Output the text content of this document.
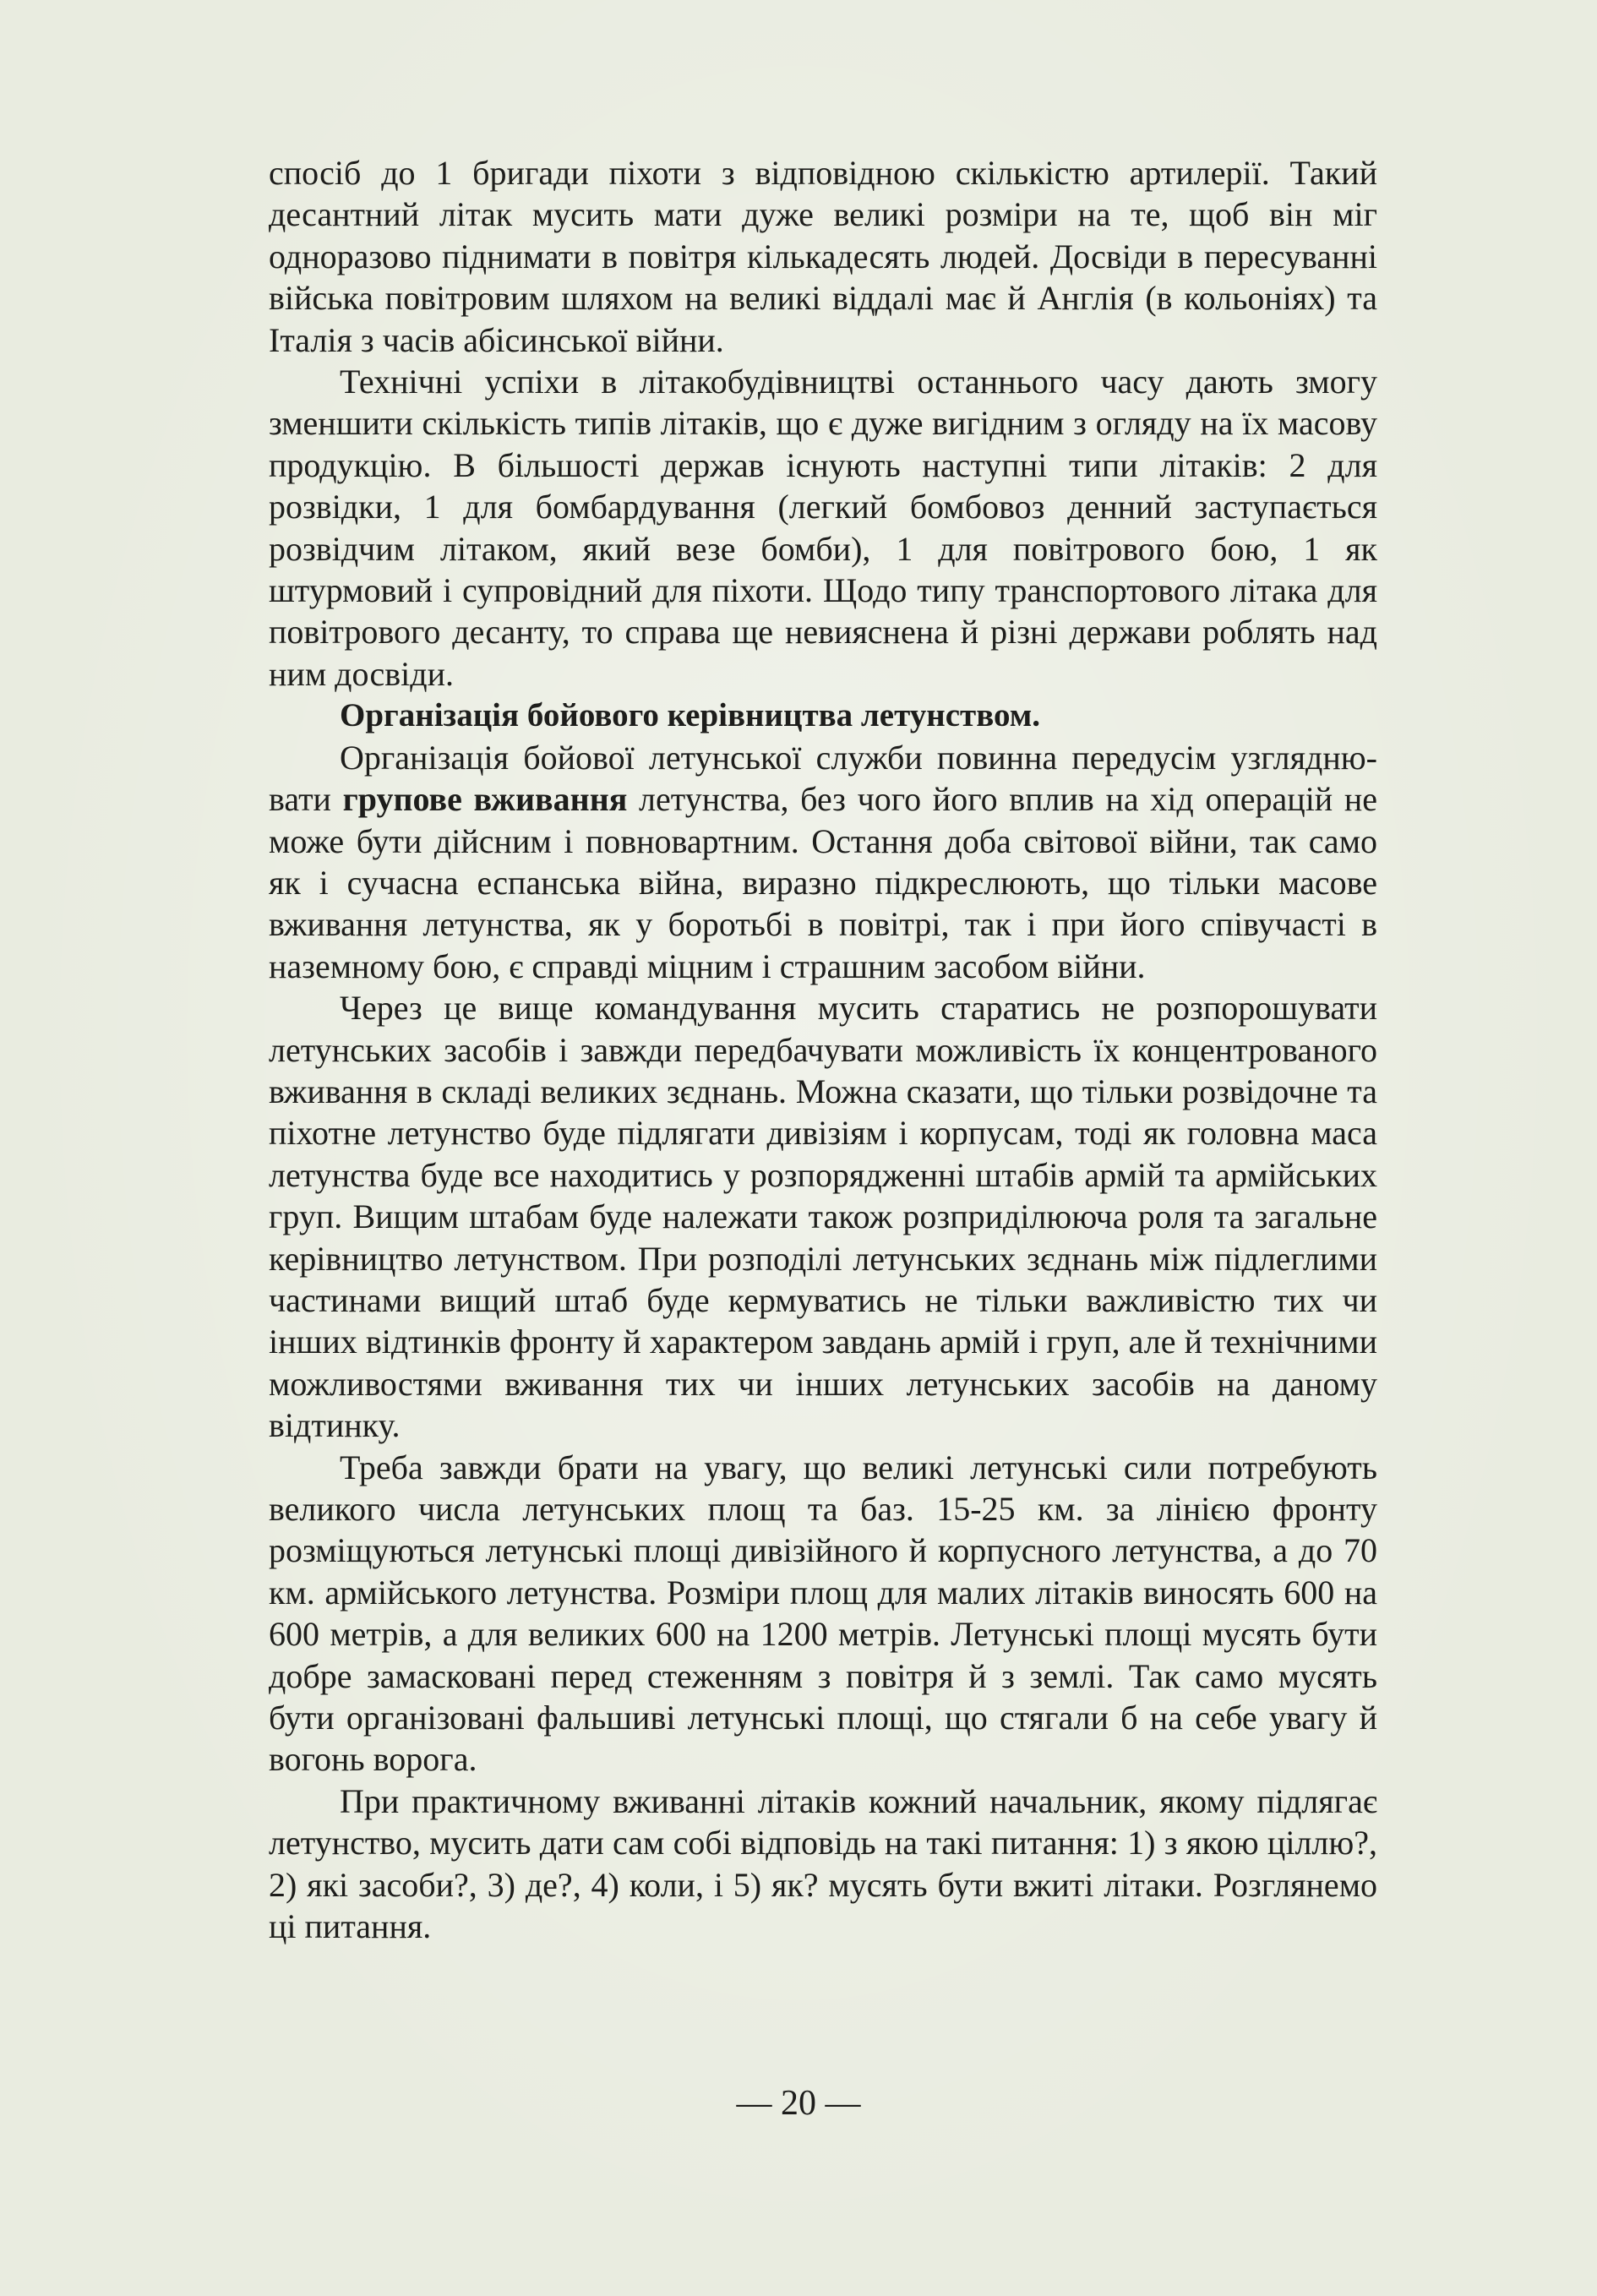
спосіб до 1 бригади піхоти з відповідною скількістю артилерії. Такий десантний літак мусить мати дуже великі розміри на те, щоб він міг одноразово піднимати в повітря кількадесять людей. Досвіди в пересуванні війська повітровим шляхом на великі віддалі має й Англія (в кольоніях) та Італія з часів абісинської війни.

Технічні успіхи в літакобудівництві останнього часу дають змогу зменшити скількість типів літаків, що є дуже вигідним з огляду на їх масову продукцію. В більшості держав існують наступні типи літаків: 2 для розвідки, 1 для бомбардування (легкий бомбовоз денний заступається розвідчим літаком, який везе бомби), 1 для повітрового бою, 1 як штурмовий і супровідний для піхоти. Щодо типу транспортового літака для повітрового десанту, то справа ще невияснена й різні держави роблять над ним досвіди.

Організація бойового керівництва летунством.

Організація бойової летунської служби повинна передусім узгляднювати групове вживання летунства, без чого його вплив на хід операцій не може бути дійсним і повновартним. Остання доба світової війни, так само як і сучасна еспанська війна, виразно підкреслюють, що тільки масове вживання летунства, як у боротьбі в повітрі, так і при його співучасті в наземному бою, є справді міцним і страшним засобом війни.

Через це вище командування мусить старатись не розпорошувати летунських засобів і завжди передбачувати можливість їх концентрованого вживання в складі великих зєднань. Можна сказати, що тільки розвідочне та піхотне летунство буде підлягати дивізіям і корпусам, тоді як головна маса летунства буде все находитись у розпорядженні штабів армій та армійських груп. Вищим штабам буде належати також розприділююча роля та загальне керівництво летунством. При розподілі летунських зєднань між підлеглими частинами вищий штаб буде кермуватись не тільки важливістю тих чи інших відтинків фронту й характером завдань армій і груп, але й технічними можливостями вживання тих чи інших летунських засобів на даному відтинку.

Треба завжди брати на увагу, що великі летунські сили потребують великого числа летунських площ та баз. 15-25 км. за лінією фронту розміщуються летунські площі дивізійного й корпусного летунства, а до 70 км. армійського летунства. Розміри площ для малих літаків виносять 600 на 600 метрів, а для великих 600 на 1200 метрів. Летунські площі мусять бути добре замасковані перед стеженням з повітря й з землі. Так само мусять бути організовані фальшиві летунські площі, що стягали б на себе увагу й вогонь ворога.

При практичному вживанні літаків кожний начальник, якому підлягає летунство, мусить дати сам собі відповідь на такі питання: 1) з якою ціллю?, 2) які засоби?, 3) де?, 4) коли, і 5) як? мусять бути вжиті літаки. Розглянемо ці питання.

— 20 —
